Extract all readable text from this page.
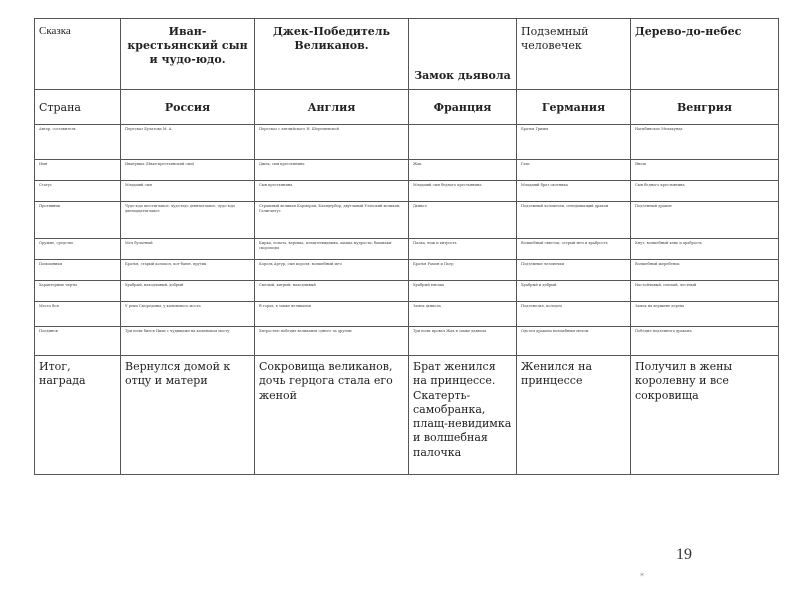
Сказка	Иван-крестьянский сын и чудо-юдо.	Джек-Победитель Великанов.	Замок дьявола	Подземный человечек	Дерево-до-небес
Страна	Россия	Англия	Франция	Германия	Венгрия
Автор, составитель	Пересказ Булатова М. А.	Пересказ с английского Н. Шерешевской		Братья Гримм	Нагибинское Мелакунда
Имя	Иванушка (Иван-крестьянский сын)	Джек, сын крестьянина	Жак	Ганс	Янош
Статус	Младший сын	Сын крестьянина	Младший сын бедного крестьянина	Младший брат охотника	Сын бедного крестьянина
Противник	Чудо-юдо шестиглавое, чудо-юдо девятиглавое, чудо-юдо двенадцатиглавое	Страшный великан Корморан, Бландербор, двуглавый Уэльский великан, Галигантус	Дьявол	Подземный человечек, огнедышащий дракон	Подземный дракон
Оружие, средство	Меч булатный	Кирка, лопата, веревка, плащ-невидимка, шапка мудрости, башмаки-скороходы	Палка, нож и хитрость	Волшебный свисток, острый меч и храбрость	Кнут, волшебный конь и храбрость
Помощники	Братья, старый колокол, кот-баюн, прутик	Король Артур, сын короля, волшебный меч	Братья Рамон и Пьер	Подземные человечки	Волшебный жеребенок
Характерные черты	Храбрый, находчивый, добрый	Смелый, хитрый, находчивый	Храбрый юноша	Храбрый и добрый	Настойчивый, смелый, честный
Место боя	У реки Смородины, у калинового моста	В горах, в замке великанов	Замок дьявола	Подземелье, колодец	Замок на вершине дерева
Поединок	Три ночи бился Иван с чудищами на калиновом мосту	Хитростью победил великанов одного за другим	Три ночи провел Жак в замке дьявола	Одолел дракона волшебным мечом	Победил подземного дракона
Итог, награда	Вернулся домой к отцу и матери	Сокровища великанов, дочь герцога стала его женой	Брат женился на принцессе. Скатерть-самобранка, плащ-невидимка и волшебная палочка	Женился на принцессе	Получил в жены королевну и все сокровища
19
*
